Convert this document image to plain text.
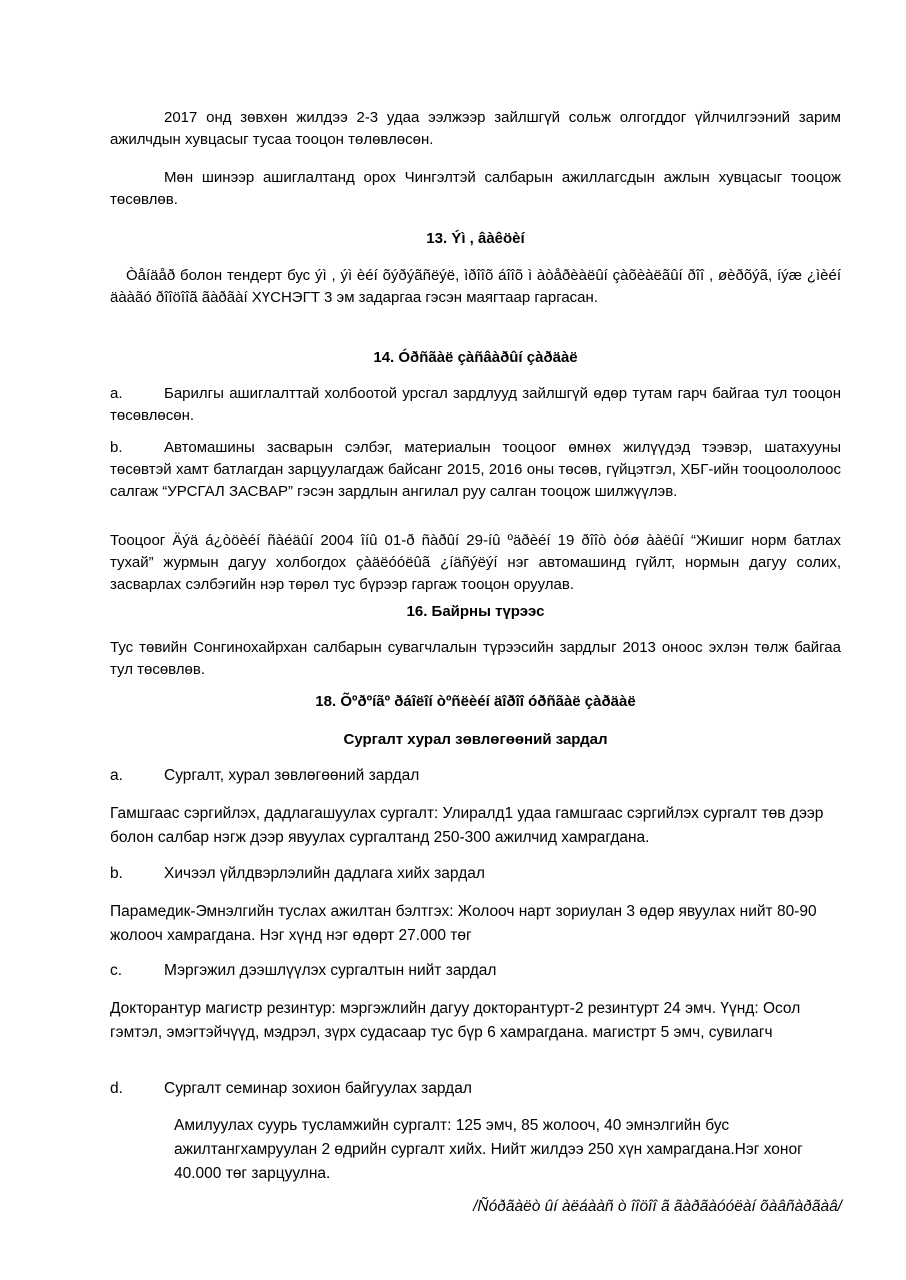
2017 онд зөвхөн жилдээ 2-3 удаа ээлжээр зайлшгүй сольж олгогддог үйлчилгээний зарим ажилчдын хувцасыг тусаа тооцон төлөвлөсөн.
Мөн шинээр ашиглалтанд орох Чингэлтэй салбарын ажиллагсдын ажлын хувцасыг тооцож төсөвлөв.
13. Ýì , âàêöèí
Òåíäåð болон тендерт бус ýì , ýì èéí õýðýãñëýë, ìðîîõ áîîõ ì àòåðèàëûí çàõèàëãûí ðîî , øèðõýã, íýæ ¿ìèéí äààãó ðîîöîîã ãàðãàí ХҮСНЭГТ 3 эм задаргаа гэсэн маягтаар гаргасан.
14. Óðñãàë çàñâàðûí çàðäàë
a.	Барилгы ашиглалттай холбоотой урсгал зардлууд зайлшгүй өдөр тутам гарч байгаа тул тооцон төсөвлөсөн.
b.	Автомашины засварын сэлбэг, материалын тооцоог өмнөх жилүүдэд тээвэр, шатахууны төсөвтэй хамт батлагдан зарцуулагдаж байсанг 2015, 2016 оны төсөв, гүйцэтгэл, ХБГ-ийн тооцоололоос салгаж “УРСГАЛ ЗАСВАР” гэсэн зардлын ангилал руу салган тооцож шилжүүлэв.
Тооцоог Äýä á¿òöèéí ñàéäûí 2004 îíû 01-ð ñàðûí 29-íû ºäðèéí 19 ðîîò òóø ààëûí “Жишиг норм батлах тухай” журмын дагуу холбогдох çàäëóóëûã ¿íäñýëýí нэг автомашинд гүйлт, нормын дагуу солих, засварлах сэлбэгийн нэр төрөл тус бүрээр гаргаж тооцон оруулав.
16. Байрны түрээс
Тус төвийн Сонгинохайрхан салбарын сувагчлалын түрээсийн зардлыг 2013 оноос эхлэн төлж байгаа тул төсөвлөв.
18. Õºðºíãº ðáîëîí òºñëèéí äîðîî óðñãàë çàðäàë
Сургалт хурал зөвлөгөөний зардал
a.	Сургалт, хурал зөвлөгөөний зардал
Гамшгаас сэргийлэх, дадлагашуулах сургалт: Улиралд1 удаа гамшгаас сэргийлэх сургалт төв дээр болон салбар нэгж дээр явуулах сургалтанд 250-300 ажилчид хамрагдана.
b.	Хичээл үйлдвэрлэлийн дадлага хийх зардал
Парамедик-Эмнэлгийн туслах ажилтан бэлтгэх: Жолооч нарт зориулан 3 өдөр явуулах нийт 80-90 жолооч хамрагдана. Нэг хүнд нэг өдөрт 27.000 төг
c.	Мэргэжил дээшлүүлэх сургалтын нийт зардал
Докторантур магистр резинтур: мэргэжлийн дагуу докторантурт-2 резинтурт 24 эмч. Үүнд: Осол гэмтэл, эмэгтэйчүүд, мэдрэл, зүрх судасаар тус бүр 6 хамрагдана. магистрт 5 эмч, сувилагч
d.	Сургалт семинар зохион байгуулах зардал
Амилуулах суурь тусламжийн сургалт: 125 эмч, 85 жолооч, 40 эмнэлгийн бус ажилтангхамруулан 2 өдрийн сургалт хийх. Нийт жилдээ 250 хүн хамрагдана.Нэг хоног 40.000 төг зарцуулна.
/Ñóðãàëò ûí àëáààñ ò îîöîî ã ãàðãàóóëàí õàâñàðãàâ/
